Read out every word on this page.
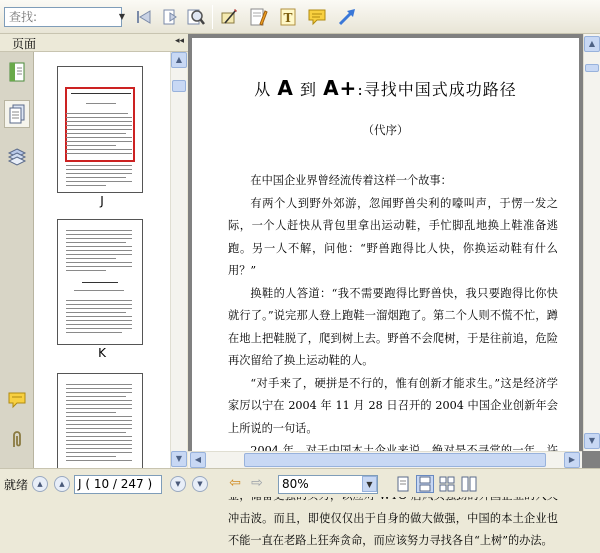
查找:
▼	T
页面	◂◂
J
K
▲
▼
从 A 到 A+:寻找中国式成功路径
（代序）

在中国企业界曾经流传着这样一个故事：

有两个人到野外郊游，忽闻野兽尖利的嚎叫声，于愣一发之际，一个人赶快从背包里拿出运动鞋，手忙脚乱地换上鞋准备逃跑。另一人不解，问他：“野兽跑得比人快，你换运动鞋有什么用？”

换鞋的人答道：“我不需要跑得比野兽快，我只要跑得比你快就行了。”说完那人登上跑鞋一溜烟跑了。第二个人则不慌不忙，蹲在地上把鞋脱了，爬到树上去。野兽不会爬树，于是往前追，危险再次留给了换上运动鞋的人。

“对手来了，硬拼是不行的，惟有创新才能求生。”这是经济学家厉以宁在 2004 年 11 月 28 日召开的 2004 中国企业创新年会上所说的一句话。

冲击波。而且，即使仅仅出于自身的做大做强，中国的本土企业也不能一直在老路上狂奔贪命，而应该努力寻找各自“上树”的办法。

▲
▼
◀	▶
就绪	▲	▲	J ( 10 / 247 )	▼	▼	⇦ ⇨	80%	▼
